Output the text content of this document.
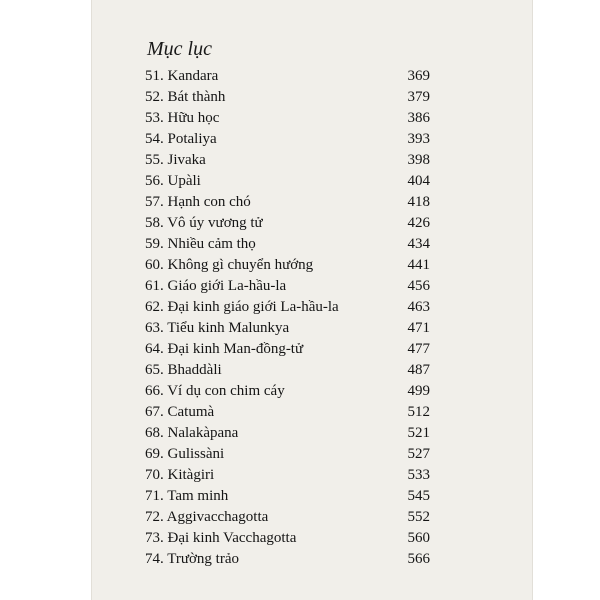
Mục lục
51. Kandara	369
52. Bát thành	379
53. Hữu học	386
54. Potaliya	393
55. Jivaka	398
56. Upàli	404
57. Hạnh con chó	418
58. Vô úy vương tử	426
59. Nhiều cảm thọ	434
60. Không gì chuyển hướng	441
61. Giáo giới La-hầu-la	456
62. Đại kinh giáo giới La-hầu-la	463
63. Tiểu kinh Malunkya	471
64. Đại kinh Man-đồng-tử	477
65. Bhaddàli	487
66. Ví dụ con chim cáy	499
67. Catumà	512
68. Nalakàpana	521
69. Gulissàni	527
70. Kitàgiri	533
71. Tam minh	545
72. Aggivacchagotta	552
73. Đại kinh Vacchagotta	560
74. Trường trảo	566
